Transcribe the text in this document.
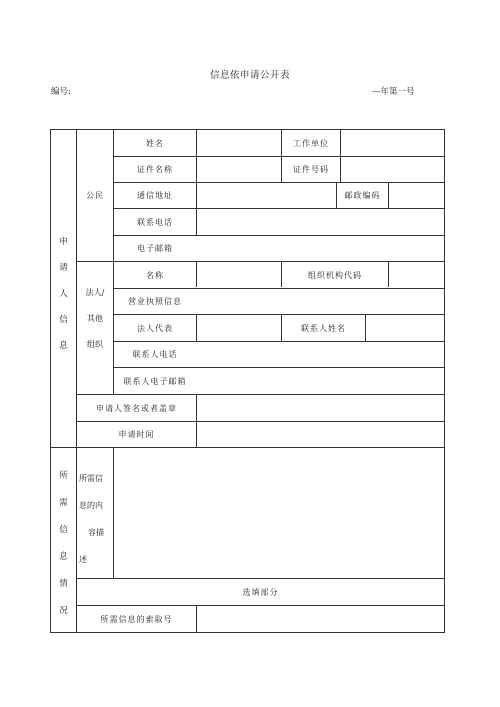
信息依申请公开表
编号:	—年第一号
申
请
人
信
息
公民
姓名	工作单位
证件名称	证件号码
通信地址	邮政编码
联系电话
电子邮箱
法人/
其他
组织
名称	组织机构代码
营业执照信息
法人代表	联系人姓名
联系人电话
联系人电子邮箱
申请人签名或者盖章
申请时间
所
需
信
息
情
况
所需信
息的内
容描
述
选填部分
所需信息的索取号
